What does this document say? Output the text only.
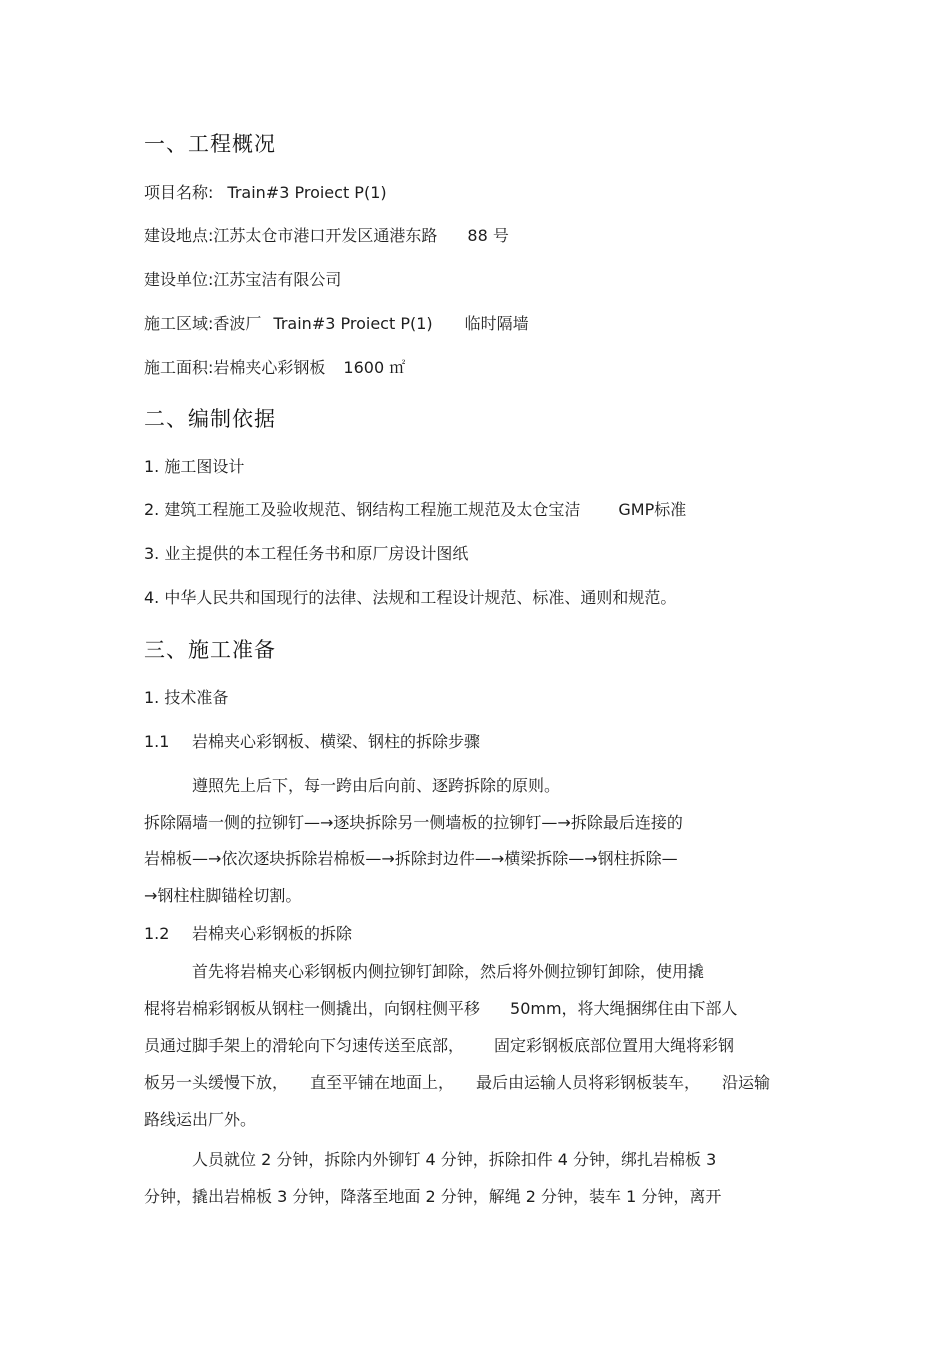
一、工程概况
项目名称: Train#3 Proiect P(1)
建设地点:江苏太仓市港口开发区通港东路 88 号
建设单位:江苏宝洁有限公司
施工区域:香波厂 Train#3 Proiect P(1) 临时隔墙
施工面积:岩棉夹心彩钢板 1600 ㎡
二、编制依据
1. 施工图设计
2. 建筑工程施工及验收规范、钢结构工程施工规范及太仓宝洁 GMP标准
3. 业主提供的本工程任务书和原厂房设计图纸
4. 中华人民共和国现行的法律、法规和工程设计规范、标准、通则和规范。
三、施工准备
1. 技术准备
1.1 岩棉夹心彩钢板、横梁、钢柱的拆除步骤
遵照先上后下，每一跨由后向前、逐跨拆除的原则。
拆除隔墙一侧的拉铆钉—→逐块拆除另一侧墙板的拉铆钉—→拆除最后连接的
岩棉板—→依次逐块拆除岩棉板—→拆除封边件—→横梁拆除—→钢柱拆除—
→钢柱柱脚锚栓切割。
1.2 岩棉夹心彩钢板的拆除
首先将岩棉夹心彩钢板内侧拉铆钉卸除，然后将外侧拉铆钉卸除，使用撬
棍将岩棉彩钢板从钢柱一侧撬出，向钢柱侧平移 50mm，将大绳捆绑住由下部人
员通过脚手架上的滑轮向下匀速传送至底部， 固定彩钢板底部位置用大绳将彩钢
板另一头缓慢下放， 直至平铺在地面上， 最后由运输人员将彩钢板装车， 沿运输
路线运出厂外。
人员就位 2 分钟，拆除内外铆钉 4 分钟，拆除扣件 4 分钟，绑扎岩棉板 3
分钟，撬出岩棉板 3 分钟，降落至地面 2 分钟，解绳 2 分钟，装车 1 分钟，离开
